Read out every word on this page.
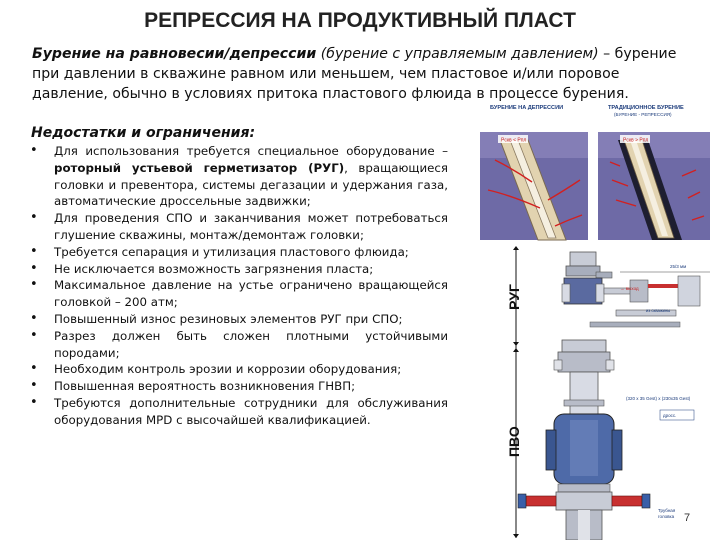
РЕПРЕССИЯ НА ПРОДУКТИВНЫЙ ПЛАСТ
Бурение на равновесии/депрессии (бурение с управляемым давлением) – бурение при давлении в скважине равном или меньшем, чем пластовое и/или поровое давление, обычно в условиях притока пластового флюида в процессе бурения.
Недостатки и ограничения:
• Для использования требуется специальное оборудование – роторный устьевой герметизатор (РУГ), вращающиеся головки и превентора, системы дегазации и удержания газа, автоматические дроссельные задвижки;
• Для проведения СПО и заканчивания может потребоваться глушение скважины, монтаж/демонтаж головки;
• Требуется сепарация и утилизация пластового флюида;
• Не исключается возможность загрязнения пласта;
• Максимальное давление на устье ограничено вращающейся головкой – 200 атм;
• Повышенный износ резиновых элементов РУГ при СПО;
• Разрез должен быть сложен плотными устойчивыми породами;
• Необходим контроль эрозии и коррозии оборудования;
• Повышенная вероятность возникновения ГНВП;
• Требуются дополнительные сотрудники для обслуживания оборудования MPD с высочайшей квалификацией.
БУРЕНИЕ НА ДЕПРЕССИИ	ТРАДИЦИОННОЕ БУРЕНИЕ
(БУРЕНИЕ - РЕПРЕССИЯ)
Pскв < Рпл	Pскв > Рпл
25/3 мм
→ выход
из скважины
(320 х 35 Gest) х (230х35 Gest)
дросс.
Трубная
головка
РУГ
ПВО
7
